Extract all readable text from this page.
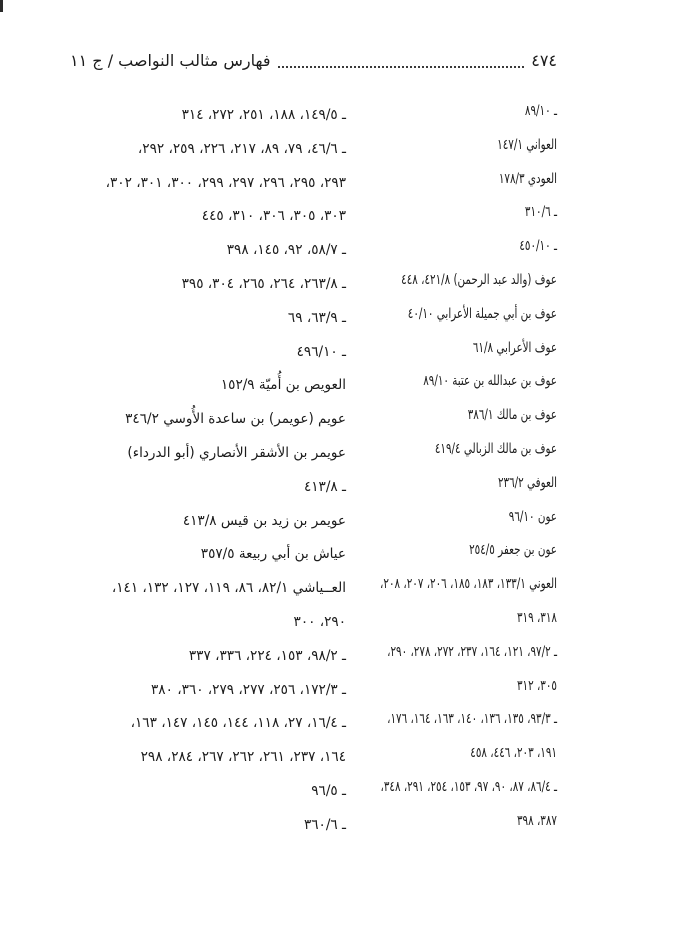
٤٧٤
فهارس مثالب النواصب / ج ١١
ـ ٨٩/١٠
العواني ١٤٧/١
العودي ١٧٨/٣
ـ ٣١٠/٦
ـ ٤٥٠/١٠
عوف (والد عبد الرحمن) ٤٢١/٨، ٤٤٨
عوف بن أبي جميلة الأعرابي ٤٠/١٠
عوف الأعرابي ٦١/٨
عوف بن عبدالله بن عتبة ٨٩/١٠
عوف بن مالك ٣٨٦/١
عوف بن مالك الزبالي ٤١٩/٤
العوفي ٢٣٦/٢
عون ٩٦/١٠
عون بن جعفر ٢٥٤/٥
العوني ١٣٣/١، ١٨٣، ١٨٥، ٢٠٦، ٢٠٧، ٢٠٨،
٣١٨، ٣١٩
ـ ٩٧/٢، ١٢١، ١٦٤، ٢٣٧، ٢٧٢، ٢٧٨، ٢٩٠،
٣٠٥، ٣١٢
ـ ٩٣/٣، ١٣٥، ١٣٦، ١٤٠، ١٦٣، ١٦٤، ١٧٦،
١٩١، ٢٠٣، ٤٤٦، ٤٥٨
ـ ٨٦/٤، ٨٧، ٩٠، ٩٧، ١٥٣، ٢٥٤، ٢٩١، ٣٤٨،
٣٨٧، ٣٩٨
ـ ١٤٩/٥، ١٨٨، ٢٥١، ٢٧٢، ٣١٤
ـ ٤٦/٦، ٧٩، ٨٩، ٢١٧، ٢٢٦، ٢٥٩، ٢٩٢،
٢٩٣، ٢٩٥، ٢٩٦، ٢٩٧، ٢٩٩، ٣٠٠، ٣٠١، ٣٠٢،
٣٠٣، ٣٠٥، ٣٠٦، ٣١٠، ٤٤٥
ـ ٥٨/٧، ٩٢، ١٤٥، ٣٩٨
ـ ٢٦٣/٨، ٢٦٤، ٢٦٥، ٣٠٤، ٣٩٥
ـ ٦٣/٩، ٦٩
ـ ٤٩٦/١٠
العويص بن أُميّة ١٥٢/٩
عويم (عويمر) بن ساعدة الأُوسي ٣٤٦/٢
عويمر بن الأشقر الأنصاري (أبو الدرداء)
ـ ٤١٣/٨
عويمر بن زيد بن قيس ٤١٣/٨
عياش بن أبي ربيعة ٣٥٧/٥
العــياشي ٨٢/١، ٨٦، ١١٩، ١٢٧، ١٣٢، ١٤١،
٢٩٠، ٣٠٠
ـ ٩٨/٢، ١٥٣، ٢٢٤، ٣٣٦، ٣٣٧
ـ ١٧٢/٣، ٢٥٦، ٢٧٧، ٢٧٩، ٣٦٠، ٣٨٠
ـ ١٦/٤، ٢٧، ١١٨، ١٤٤، ١٤٥، ١٤٧، ١٦٣،
١٦٤، ٢٣٧، ٢٦١، ٢٦٢، ٢٦٧، ٢٨٤، ٢٩٨
ـ ٩٦/٥
ـ ٣٦٠/٦
